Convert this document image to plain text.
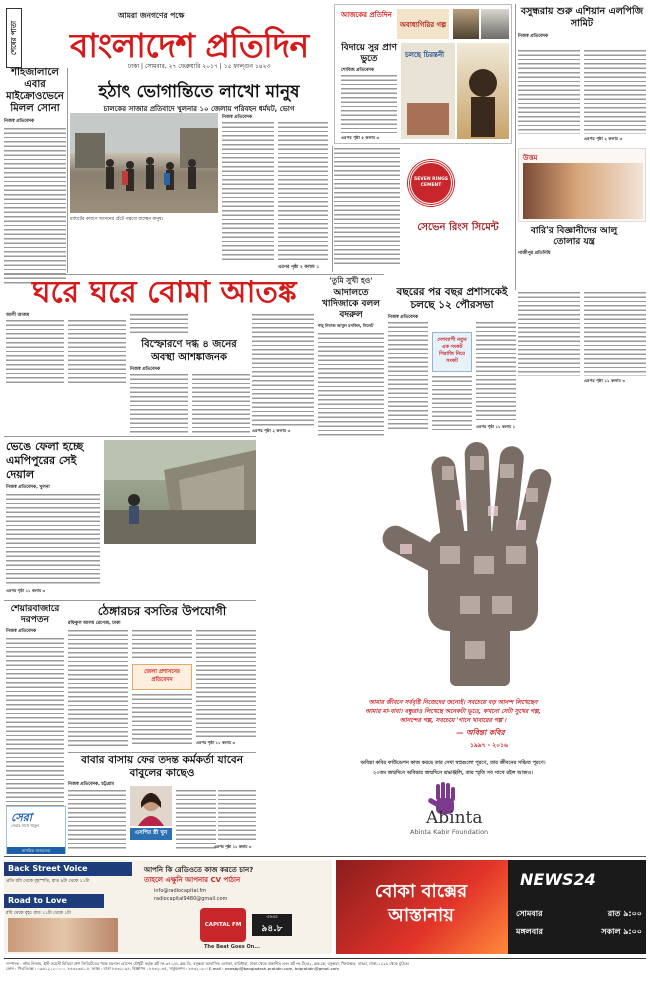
শেষের পাতা
আমরা জনগণের পক্ষে
বাংলাদেশ প্রতিদিন
ঢাকা | সোমবার, ২৭ ফেব্রুয়ারি ২০১৭ | ১৫ ফাল্গুন ১৪২৩
শাহজালালে এবার মাইক্রোওভেনে মিলল সোনা
নিজস্ব প্রতিবেদক
হঠাৎ ভোগান্তিতে লাখো মানুষ
চালকের সাজার প্রতিবাদে খুলনার ১০ জেলায় পরিবহন ধর্মঘট, ভোগ
নিজস্ব প্রতিবেদক
ধর্মঘটের কারণে আসনের হেঁটে গন্তব্যে যাচ্ছেন মানুষ।
এরপর পৃষ্ঠা ২ কলাম ১
আজকের প্রতিদিন
অবাধ্যগিরির গল্প
বিদায়ে সুর প্রাণ ভুতে
শোবিজ প্রতিবেদক
এরপর পৃষ্ঠা ৫ কলাম ৩
চলছে চিরন্তনী
SEVEN RINGS CEMENT
সেভেন রিংস সিমেন্ট
বসুন্ধরায় শুরু এশিয়ান এলপিজি সামিট
নিজস্ব প্রতিবেদক
এরপর পৃষ্ঠা ২ কলাম ৩
উত্তম
বারি'র বিজ্ঞানীদের আলু তোলার যন্ত্র
গাজীপুর প্রতিনিধি
এরপর পৃষ্ঠা ১১ কলাম ৩
ঘরে ঘরে বোমা আতঙ্ক
আলী আজম
বিস্ফোরণে দগ্ধ ৪ জনের অবস্থা আশঙ্কাজনক
নিজস্ব প্রতিবেদক
এরপর পৃষ্ঠা ২ কলাম ৩
'তুমি সুখী হও'
আদালতে খাদিজাকে বলল বদরুল
শাহ্ নিবাজ আবুল মসজিদ, সিলেট
বছরের পর বছর প্রশাসকেই চলছে ১২ পৌরসভা
নিজস্ব প্রতিবেদক
দেশব্যাপী নতুন এক সংকট সিরাজি নিয়ে সংকট
এরপর পৃষ্ঠা ১১ কলাম ১
ভেঙে ফেলা হচ্ছে এমপিপুরের সেই দেয়াল
নিজস্ব প্রতিবেদক, খুলনা
এরপর পৃষ্ঠা ১১ কলাম ৩
শেয়ারবাজারে দরপতন
নিজস্ব প্রতিবেদক
ঠেঙ্গারচর বসতির উপযোগী
রফিকুল আলম রেপেজ, ঢাকা
জেলা প্রশাসনের প্রতিবেদন
এরপর পৃষ্ঠা ১১ কলাম ৩
বাবার বাসায় ফের তদন্ত কর্মকর্তা যাবেন বাবুলের কাছেও
নিজস্ব প্রতিবেদক, চট্টগ্রাম
এসপির স্ত্রী খুন
এরপর পৃষ্ঠা ১১ কলাম ৩
সেরা
সেরার সাথে থাকুন
নাগরিক সাজসেবা
আমার জীবনে সর্ববৃষ্টি নিজেদের জন্যেই। সবচেয়ে বড় আনন্দ লিখেছেন
আমার মা-বাবা। বন্ধুরাও লিখেছে অনেকটা ভূতে, কখনো সেটা সুখের গল্প,
আনন্দের গল্প, সবচেয়ে 'গানে খাবারের গল্প'।
— অবিন্তা কবির
১৯৯৭ - ২০১৬
অবিন্তা কবির ফাউন্ডেশন কাজ করছে তার দেখা স্বপ্নগুলো পূরণে, তার জীবনের সঞ্চিত পূরণে।
২০তম জন্মদিনে অবিন্তার জন্মদিনে শ্রদ্ধাঞ্জলি, তার স্মৃতি সব সাথে রইল আজও।
Abinta
Abinta Kabir Foundation
Back Street Voice
প্রতি রবি থেকে বৃহস্পতি, রাত ৯টা থেকে ১১টা
Road to Love
রবি থেকে বৃহঃ রাত ১১টা থেকে ১টা
আপনি কি রেডিওতে কাজ করতে চান?
তাহলে এক্ষুনি আপনার CV পাঠান
info@radiocapital.fm
radiocapital9480@gmail.com
CAPITAL FM
এফএম
৯৪.৮
The Beat Goes On...
বোকা বাক্সের আস্তানায়
NEWS24
সোমবার	রাত ৯:০০
মঙ্গলবার	সকাল ৯:০০
সম্পাদক : নঈম নিজাম, ইস্ট ওয়েস্ট মিডিয়া গ্রুপ লিমিটেডের পক্ষে ময়নাল হোসেন চৌধুরী কর্তৃক প্লট নং-৩৭১/এ, ব্লক-ডি, বসুন্ধরা আবাসিক এলাকা, বারিধারা, ঢাকা থেকে প্রকাশিত এবং প্লট নং-সি/৫২, ব্লক-কে, বসুন্ধরা, খিলক্ষেত, বাড্ডা, ঢাকা-১২২৯ থেকে মুদ্রিত।
ফোন : পিএবিএক্স : ০৯৬১২১২০০০০, ৮৪৩২৩৬১-৪, ফ্যাক্স : বার্তা ৮৪৩২০৯৪, বিজ্ঞাপন : ৮৪৩২০৪৫, সার্কুলেশন : ৮৪৩২০৯০। E-mail : newsbp@bangladesh-pratidin.com, bdpratidin@gmail.com
